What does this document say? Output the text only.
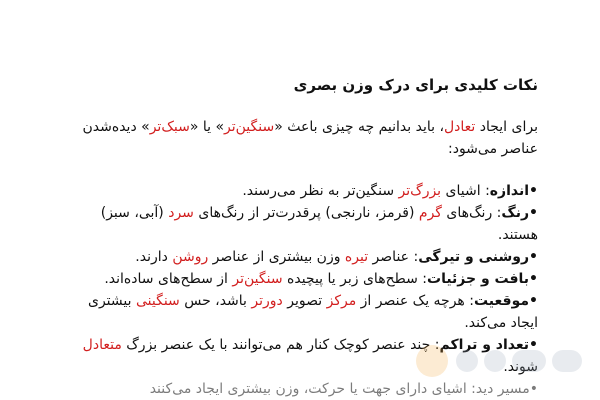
نکات کلیدی برای درک وزن بصری
برای ایجاد تعادل، باید بدانیم چه چیزی باعث «سنگین‌تر» یا «سبک‌تر» دیده‌شدن عناصر می‌شود:
•اندازه: اشیای بزرگ‌تر سنگین‌تر به نظر می‌رسند.
•رنگ: رنگ‌های گرم (قرمز، نارنجی) پرقدرت‌تر از رنگ‌های سرد (آبی، سبز) هستند.
•روشنی و تیرگی: عناصر تیره وزن بیشتری از عناصر روشن دارند.
•بافت و جزئیات: سطح‌های زبر یا پیچیده سنگین‌تر از سطح‌های ساده‌اند.
•موقعیت: هرچه یک عنصر از مرکز تصویر دورتر باشد، حس سنگینی بیشتری ایجاد می‌کند.
•تعداد و تراکم: چند عنصر کوچک کنار هم می‌توانند با یک عنصر بزرگ متعادل شوند.
•مسیر دید: اشیای دارای جهت یا حرکت، وزن بیشتری ایجاد می‌کنند
